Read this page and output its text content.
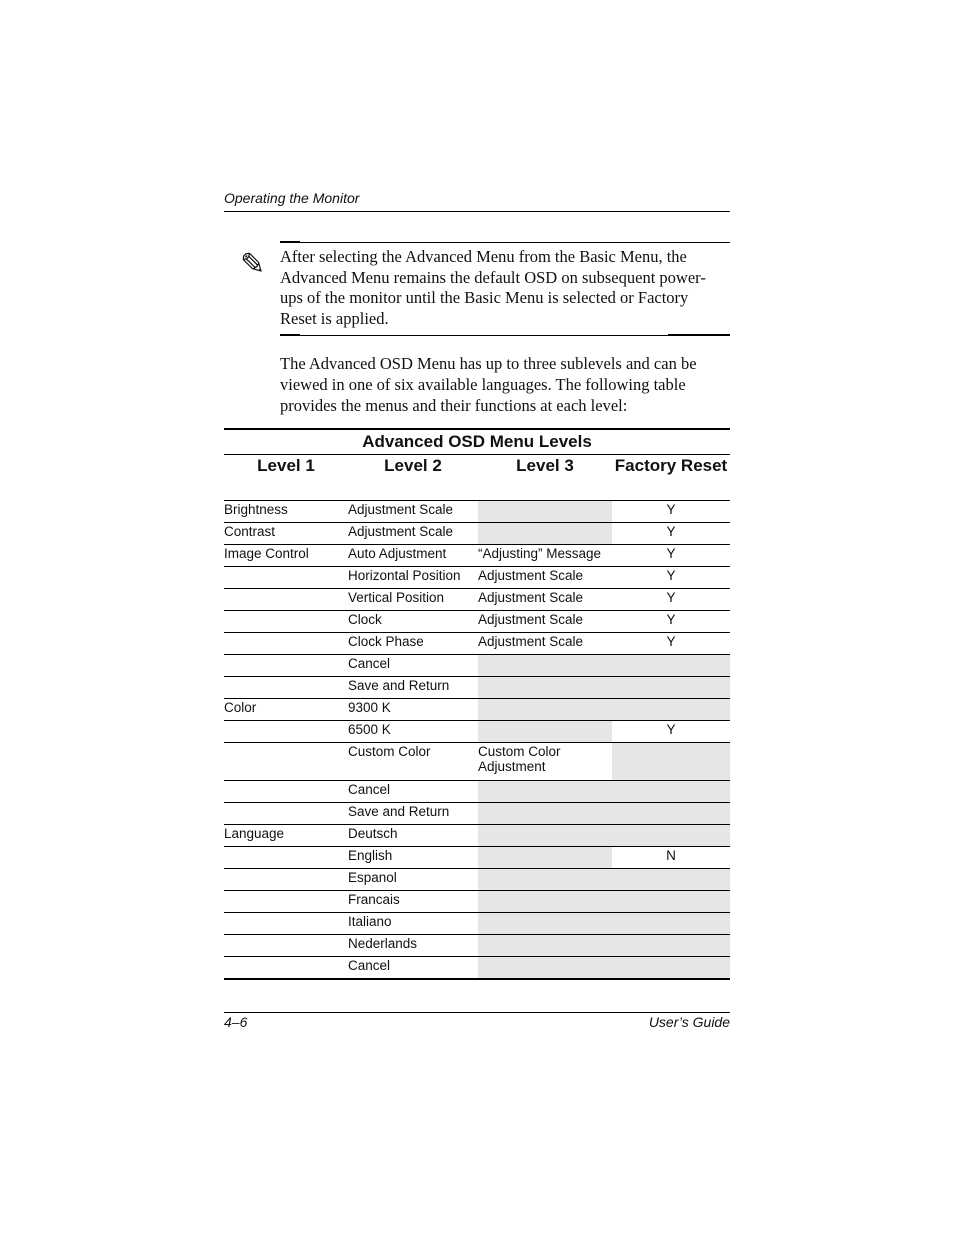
Operating the Monitor
✎ After selecting the Advanced Menu from the Basic Menu, the Advanced Menu remains the default OSD on subsequent power-ups of the monitor until the Basic Menu is selected or Factory Reset is applied.
The Advanced OSD Menu has up to three sublevels and can be viewed in one of six available languages. The following table provides the menus and their functions at each level:
Advanced OSD Menu Levels			
Level 1	Level 2	Level 3	Factory Reset
Brightness	Adjustment Scale		Y
Contrast	Adjustment Scale		Y
Image Control	Auto Adjustment	“Adjusting” Message	Y
	Horizontal Position	Adjustment Scale	Y
	Vertical Position	Adjustment Scale	Y
	Clock	Adjustment Scale	Y
	Clock Phase	Adjustment Scale	Y
	Cancel		
	Save and Return		
Color	9300 K		
	6500 K		Y
	Custom Color	Custom Color Adjustment	
	Cancel		
	Save and Return		
Language	Deutsch		
	English		N
	Espanol		
	Francais		
	Italiano		
	Nederlands		
	Cancel		
4–6	User’s Guide
